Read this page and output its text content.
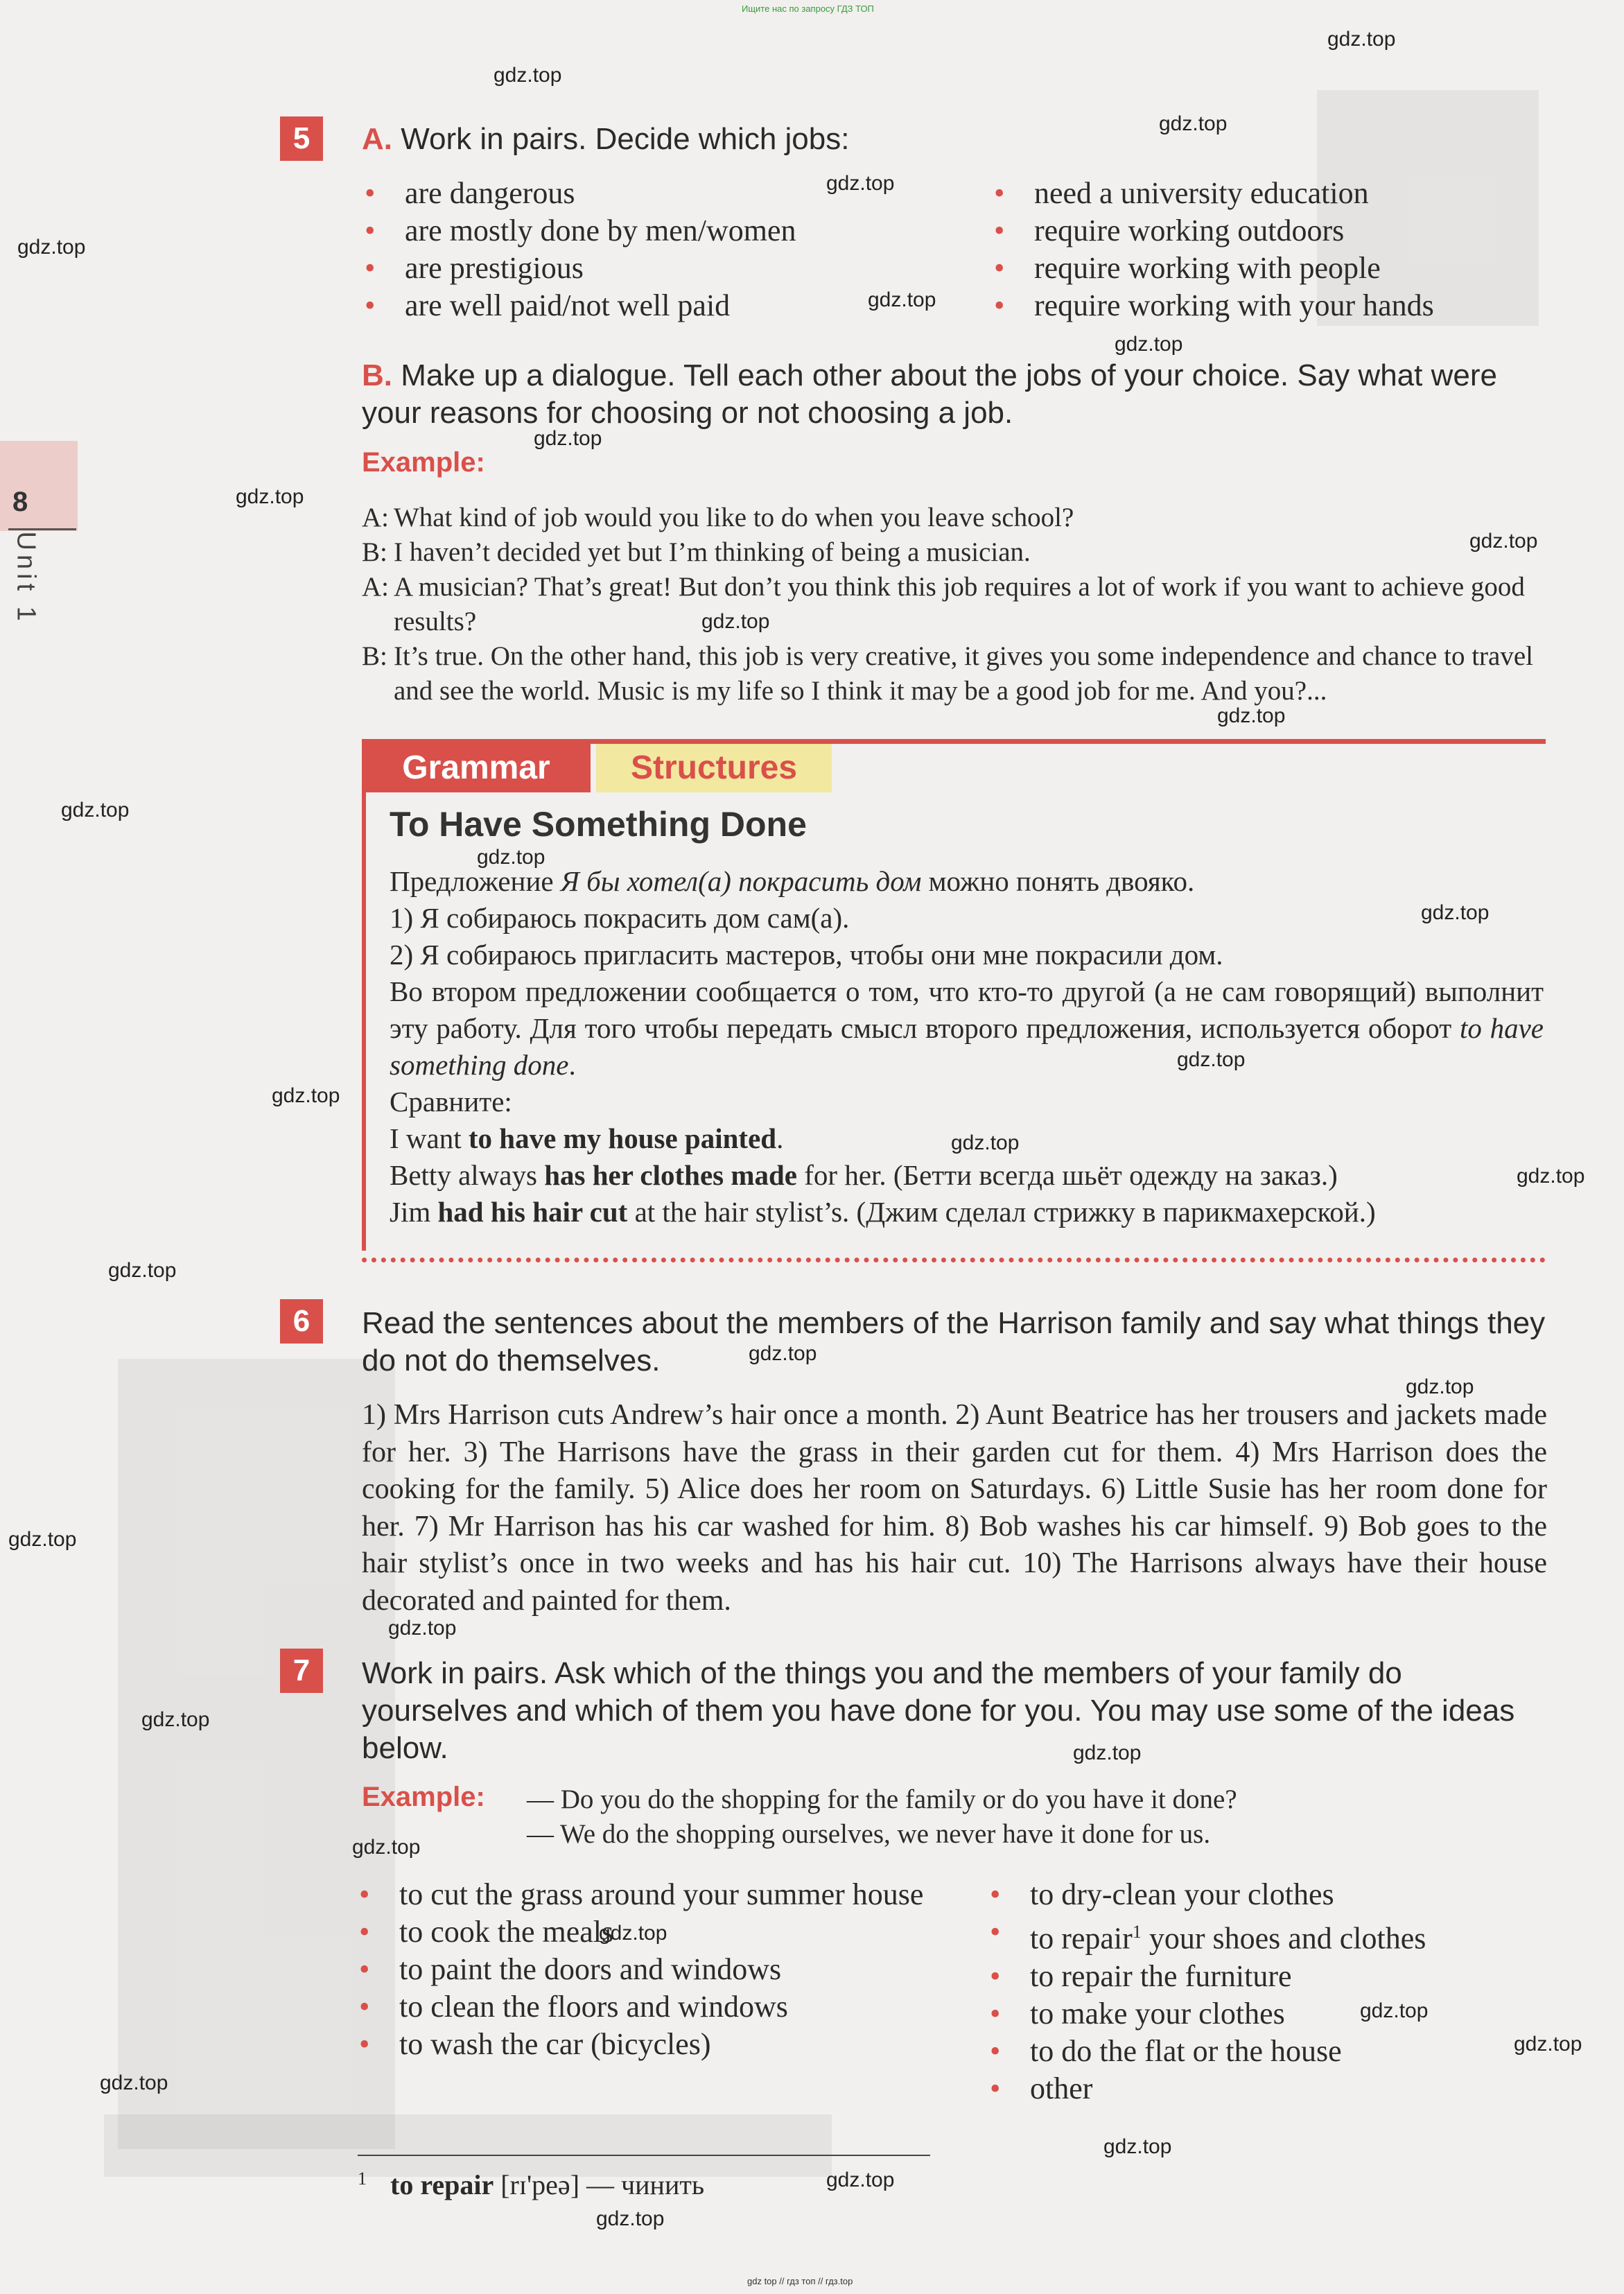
Ищите нас по запросу ГДЗ ТОП
8
Unit 1
5	A. Work in pairs. Decide which jobs:
• are dangerous
• are mostly done by men/women
• are prestigious
• are well paid/not well paid
• need a university education
• require working outdoors
• require working with people
• require working with your hands
B. Make up a dialogue. Tell each other about the jobs of your choice. Say what were your reasons for choosing or not choosing a job.
Example:
A: What kind of job would you like to do when you leave school?
B: I haven’t decided yet but I’m thinking of being a musician.
A: A musician? That’s great! But don’t you think this job requires a lot of work if you want to achieve good results?
B: It’s true. On the other hand, this job is very creative, it gives you some independence and chance to travel and see the world. Music is my life so I think it may be a good job for me. And you?...
Grammar	Structures
To Have Something Done
Предложение Я бы хотел(а) покрасить дом можно понять двояко.
1) Я собираюсь покрасить дом сам(а).
2) Я собираюсь пригласить мастеров, чтобы они мне покрасили дом.
Во втором предложении сообщается о том, что кто-то другой (а не сам говорящий) выполнит эту работу. Для того чтобы передать смысл второго предложения, используется оборот to have something done.
Сравните:
I want to have my house painted.
Betty always has her clothes made for her. (Бетти всегда шьёт одежду на заказ.)
Jim had his hair cut at the hair stylist’s. (Джим сделал стрижку в парикмахерской.)
6	Read the sentences about the members of the Harrison family and say what things they do not do themselves.
1) Mrs Harrison cuts Andrew’s hair once a month. 2) Aunt Beatrice has her trousers and jackets made for her. 3) The Harrisons have the grass in their garden cut for them. 4) Mrs Harrison does the cooking for the family. 5) Alice does her room on Saturdays. 6) Little Susie has her room done for her. 7) Mr Harrison has his car washed for him. 8) Bob washes his car himself. 9) Bob goes to the hair stylist’s once in two weeks and has his hair cut. 10) The Harrisons always have their house decorated and painted for them.
7	Work in pairs. Ask which of the things you and the members of your family do yourselves and which of them you have done for you. You may use some of the ideas below.
Example: — Do you do the shopping for the family or do you have it done?
— We do the shopping ourselves, we never have it done for us.
• to cut the grass around your summer house
• to cook the meals
• to paint the doors and windows
• to clean the floors and windows
• to wash the car (bicycles)
• to dry-clean your clothes
• to repair$^1$ your shoes and clothes
• to repair the furniture
• to make your clothes
• to do the flat or the house
• other
$^1$ to repair [rɪ'peə] — чинить
gdz top // гдз топ // гдз.top
gdz.top
gdz.top
gdz.top
gdz.top
gdz.top
gdz.top
gdz.top
gdz.top
gdz.top
gdz.top
gdz.top
gdz.top
gdz.top
gdz.top
gdz.top
gdz.top
gdz.top
gdz.top
gdz.top
gdz.top
gdz.top
gdz.top
gdz.top
gdz.top
gdz.top
gdz.top
gdz.top
gdz.top
gdz.top
gdz.top
gdz.top
gdz.top
gdz.top
gdz.top
